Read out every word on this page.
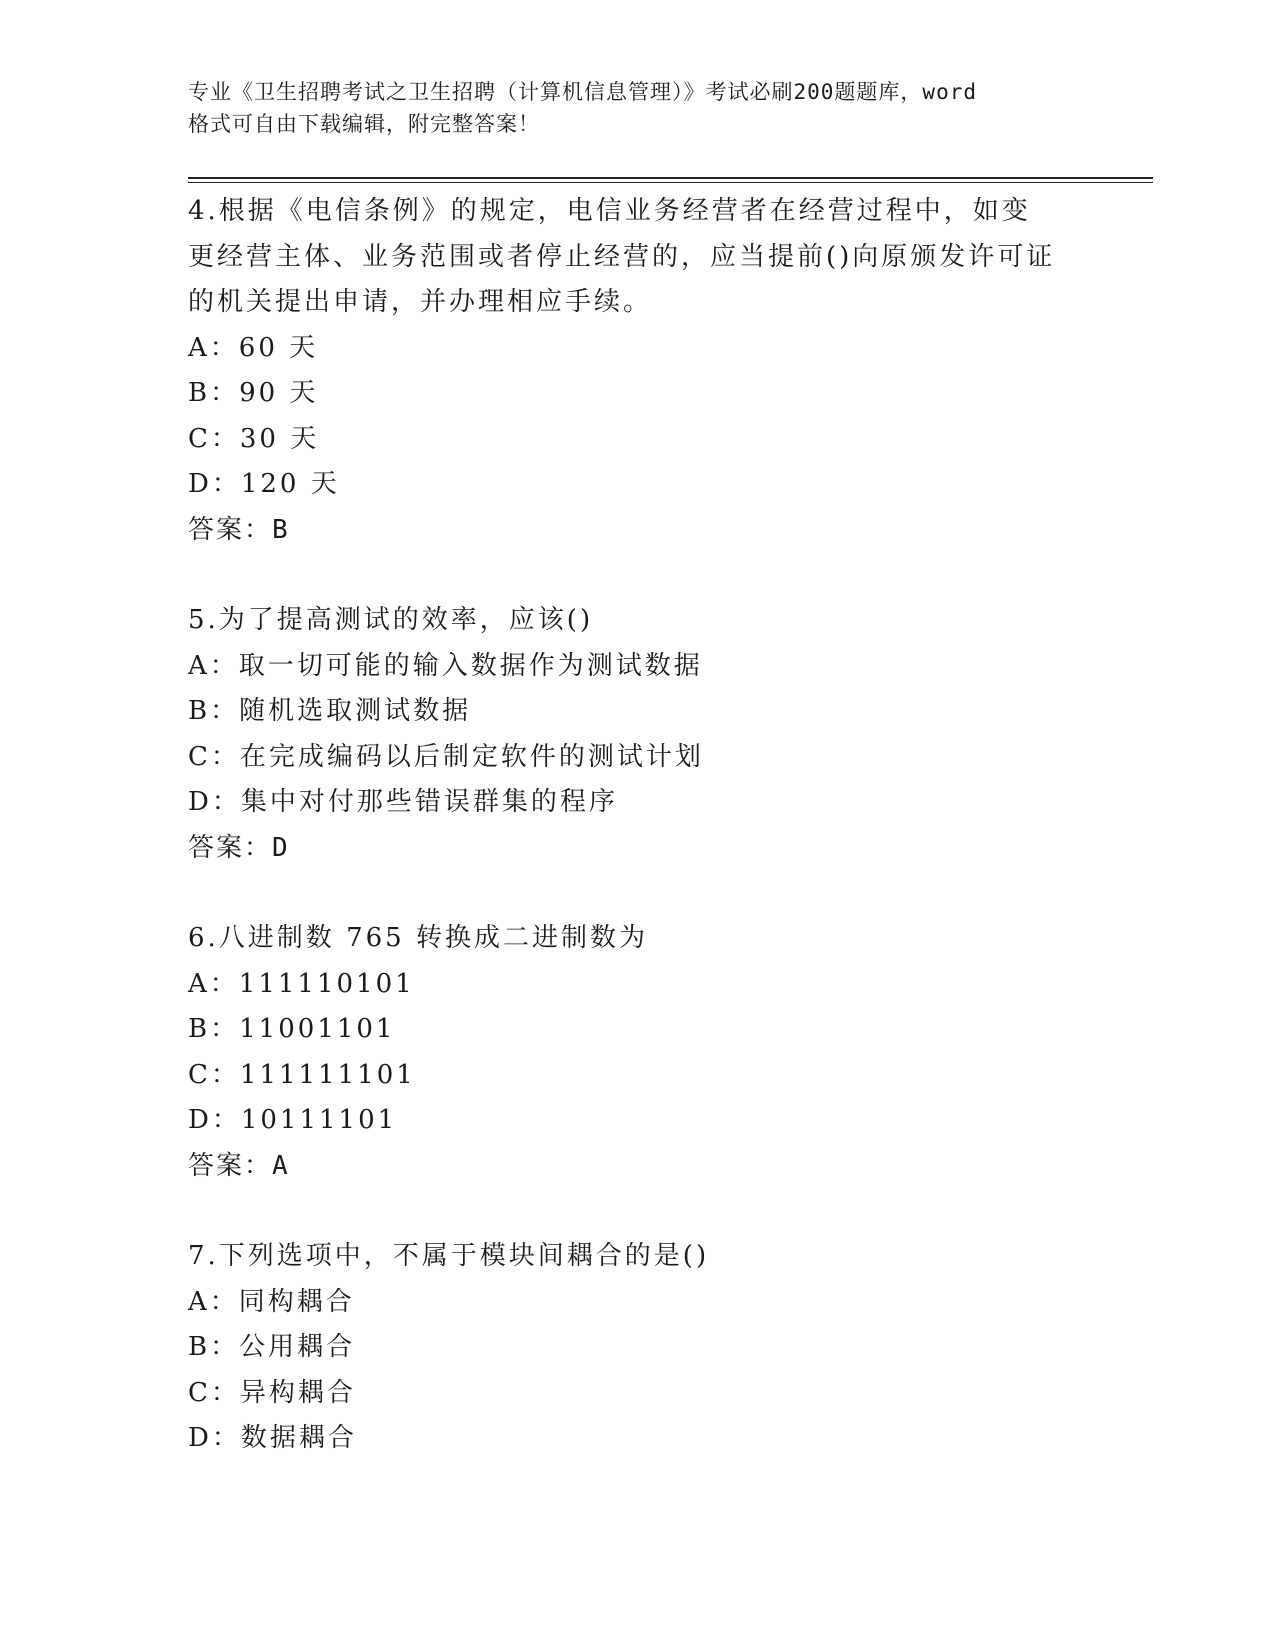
专业《卫生招聘考试之卫生招聘（计算机信息管理）》考试必刷200题题库，word
格式可自由下载编辑，附完整答案！
4.根据《电信条例》的规定，电信业务经营者在经营过程中，如变更经营主体、业务范围或者停止经营的，应当提前()向原颁发许可证的机关提出申请，并办理相应手续。
A：60 天
B：90 天
C：30 天
D：120 天
答案：B
5.为了提高测试的效率，应该()
A：取一切可能的输入数据作为测试数据
B：随机选取测试数据
C：在完成编码以后制定软件的测试计划
D：集中对付那些错误群集的程序
答案：D
6.八进制数 765 转换成二进制数为
A：111110101
B：11001101
C：111111101
D：10111101
答案：A
7.下列选项中，不属于模块间耦合的是()
A：同构耦合
B：公用耦合
C：异构耦合
D：数据耦合
